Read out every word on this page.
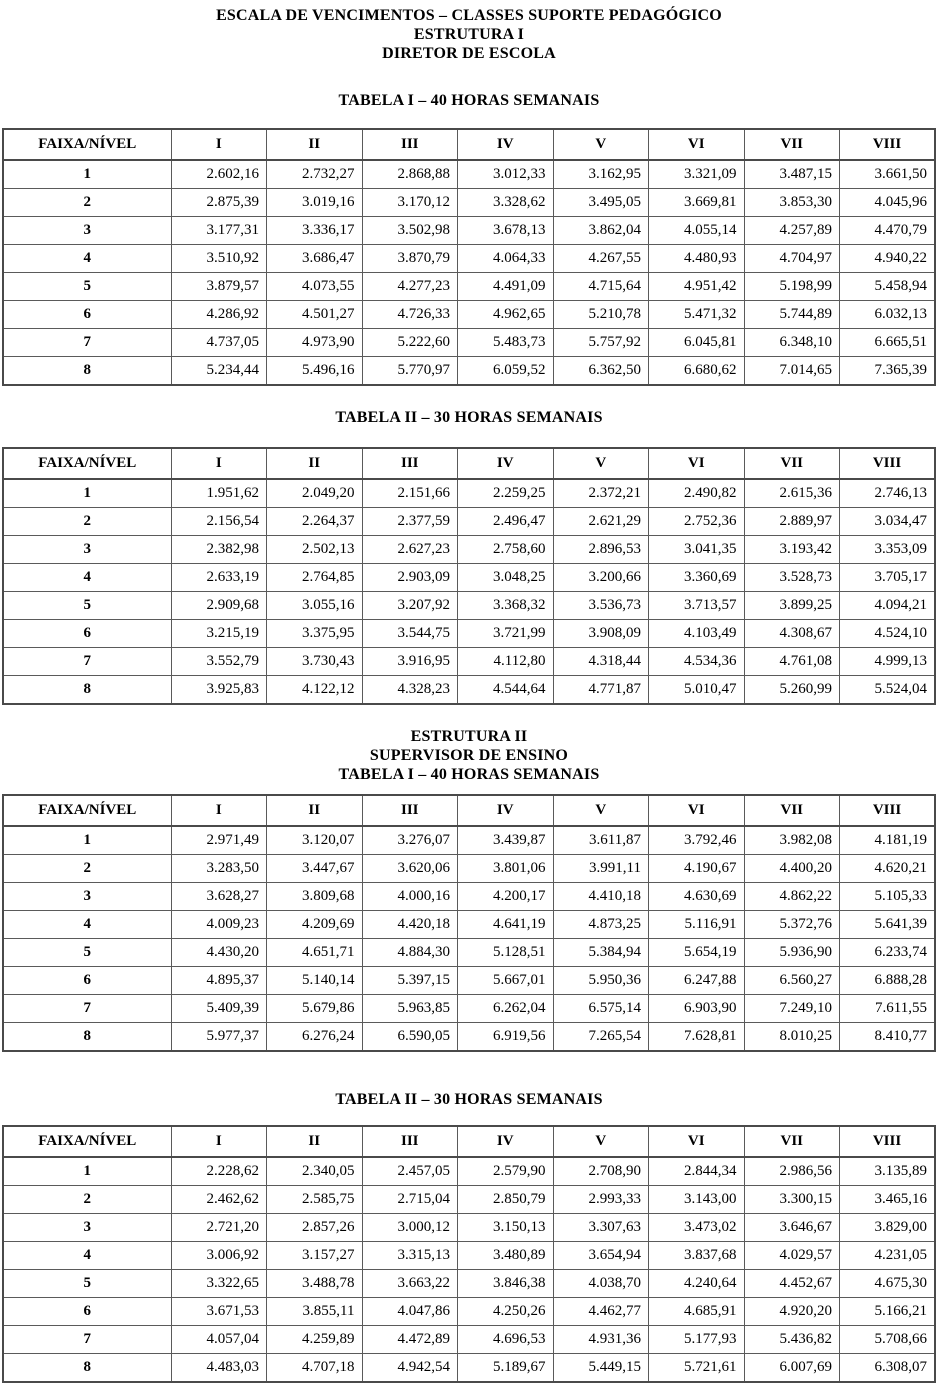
ESCALA DE VENCIMENTOS – CLASSES SUPORTE PEDAGÓGICO
ESTRUTURA I
DIRETOR DE ESCOLA
TABELA I – 40 HORAS SEMANAIS
FAIXA/NÍVEL	I	II	III	IV	V	VI	VII	VIII
1	2.602,16	2.732,27	2.868,88	3.012,33	3.162,95	3.321,09	3.487,15	3.661,50
2	2.875,39	3.019,16	3.170,12	3.328,62	3.495,05	3.669,81	3.853,30	4.045,96
3	3.177,31	3.336,17	3.502,98	3.678,13	3.862,04	4.055,14	4.257,89	4.470,79
4	3.510,92	3.686,47	3.870,79	4.064,33	4.267,55	4.480,93	4.704,97	4.940,22
5	3.879,57	4.073,55	4.277,23	4.491,09	4.715,64	4.951,42	5.198,99	5.458,94
6	4.286,92	4.501,27	4.726,33	4.962,65	5.210,78	5.471,32	5.744,89	6.032,13
7	4.737,05	4.973,90	5.222,60	5.483,73	5.757,92	6.045,81	6.348,10	6.665,51
8	5.234,44	5.496,16	5.770,97	6.059,52	6.362,50	6.680,62	7.014,65	7.365,39
TABELA II – 30 HORAS SEMANAIS
FAIXA/NÍVEL	I	II	III	IV	V	VI	VII	VIII
1	1.951,62	2.049,20	2.151,66	2.259,25	2.372,21	2.490,82	2.615,36	2.746,13
2	2.156,54	2.264,37	2.377,59	2.496,47	2.621,29	2.752,36	2.889,97	3.034,47
3	2.382,98	2.502,13	2.627,23	2.758,60	2.896,53	3.041,35	3.193,42	3.353,09
4	2.633,19	2.764,85	2.903,09	3.048,25	3.200,66	3.360,69	3.528,73	3.705,17
5	2.909,68	3.055,16	3.207,92	3.368,32	3.536,73	3.713,57	3.899,25	4.094,21
6	3.215,19	3.375,95	3.544,75	3.721,99	3.908,09	4.103,49	4.308,67	4.524,10
7	3.552,79	3.730,43	3.916,95	4.112,80	4.318,44	4.534,36	4.761,08	4.999,13
8	3.925,83	4.122,12	4.328,23	4.544,64	4.771,87	5.010,47	5.260,99	5.524,04
ESTRUTURA II
SUPERVISOR DE ENSINO
TABELA I – 40 HORAS SEMANAIS
FAIXA/NÍVEL	I	II	III	IV	V	VI	VII	VIII
1	2.971,49	3.120,07	3.276,07	3.439,87	3.611,87	3.792,46	3.982,08	4.181,19
2	3.283,50	3.447,67	3.620,06	3.801,06	3.991,11	4.190,67	4.400,20	4.620,21
3	3.628,27	3.809,68	4.000,16	4.200,17	4.410,18	4.630,69	4.862,22	5.105,33
4	4.009,23	4.209,69	4.420,18	4.641,19	4.873,25	5.116,91	5.372,76	5.641,39
5	4.430,20	4.651,71	4.884,30	5.128,51	5.384,94	5.654,19	5.936,90	6.233,74
6	4.895,37	5.140,14	5.397,15	5.667,01	5.950,36	6.247,88	6.560,27	6.888,28
7	5.409,39	5.679,86	5.963,85	6.262,04	6.575,14	6.903,90	7.249,10	7.611,55
8	5.977,37	6.276,24	6.590,05	6.919,56	7.265,54	7.628,81	8.010,25	8.410,77
TABELA II – 30 HORAS SEMANAIS
FAIXA/NÍVEL	I	II	III	IV	V	VI	VII	VIII
1	2.228,62	2.340,05	2.457,05	2.579,90	2.708,90	2.844,34	2.986,56	3.135,89
2	2.462,62	2.585,75	2.715,04	2.850,79	2.993,33	3.143,00	3.300,15	3.465,16
3	2.721,20	2.857,26	3.000,12	3.150,13	3.307,63	3.473,02	3.646,67	3.829,00
4	3.006,92	3.157,27	3.315,13	3.480,89	3.654,94	3.837,68	4.029,57	4.231,05
5	3.322,65	3.488,78	3.663,22	3.846,38	4.038,70	4.240,64	4.452,67	4.675,30
6	3.671,53	3.855,11	4.047,86	4.250,26	4.462,77	4.685,91	4.920,20	5.166,21
7	4.057,04	4.259,89	4.472,89	4.696,53	4.931,36	5.177,93	5.436,82	5.708,66
8	4.483,03	4.707,18	4.942,54	5.189,67	5.449,15	5.721,61	6.007,69	6.308,07
